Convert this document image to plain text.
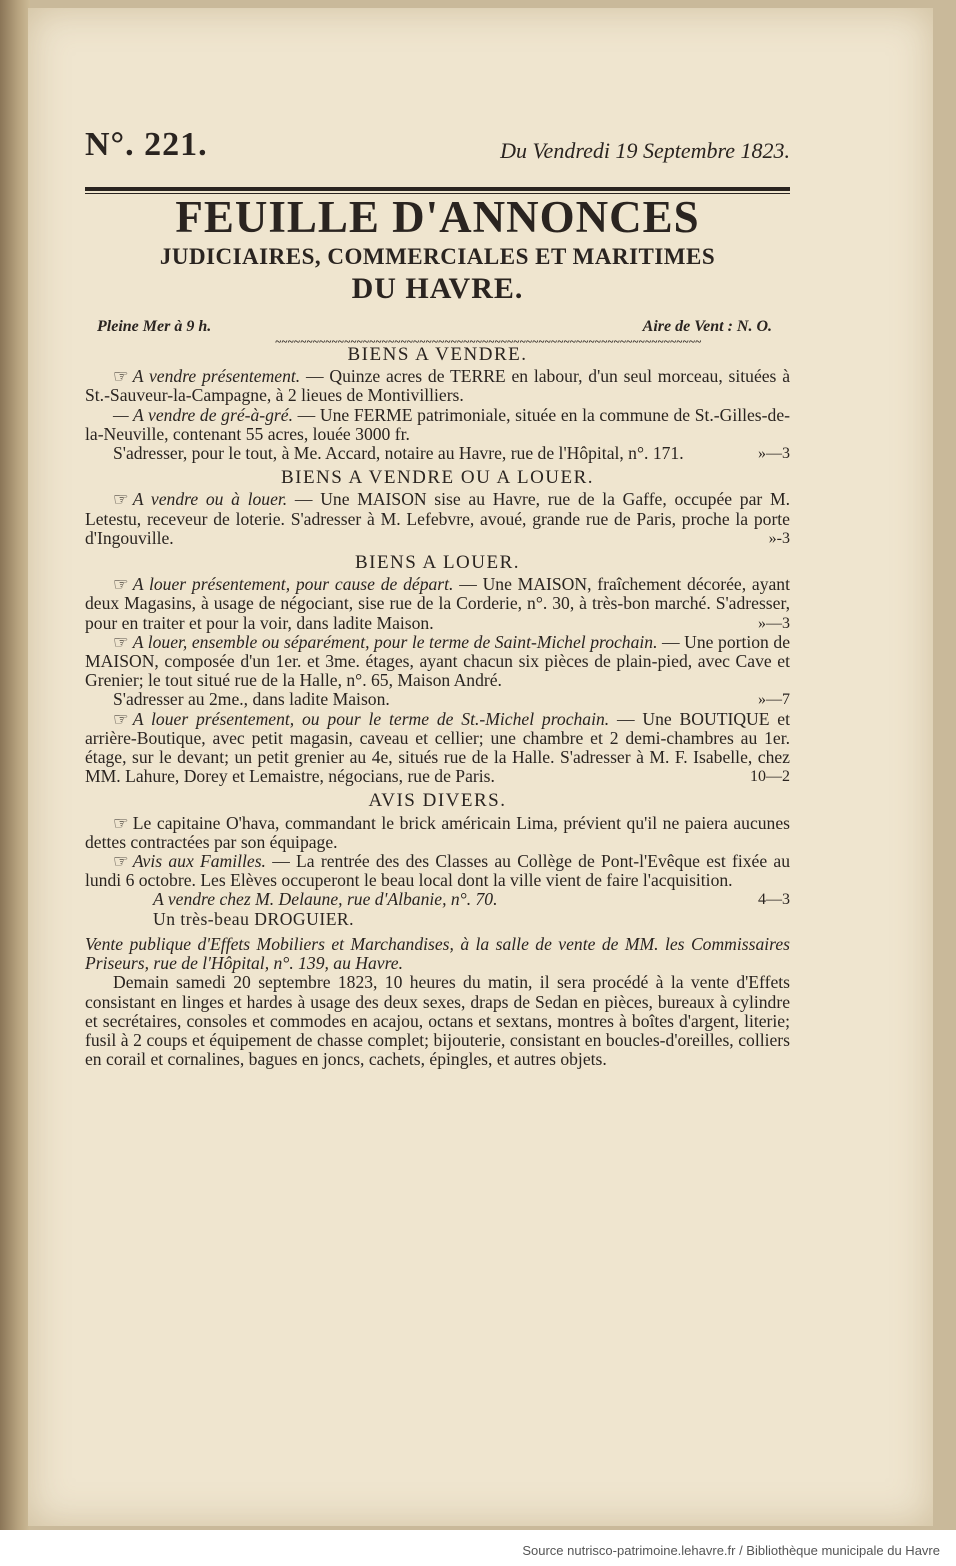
N°. 221.	Du Vendredi 19 Septembre 1823.
FEUILLE D'ANNONCES
JUDICIAIRES, COMMERCIALES ET MARITIMES
DU HAVRE.
Pleine Mer à 9 h.
~~~~~~~~~~~~~~~~~~~~~~~~~~~~~~~~~~~~~~~~~~~~~~~~~~~~~~~~~~~~~~~~~~~~
Aire de Vent : N. O.
BIENS A VENDRE.

☞ A vendre présentement. — Quinze acres de TERRE en labour, d'un seul morceau, situées à St.-Sauveur-la-Campagne, à 2 lieues de Montivilliers.

— A vendre de gré-à-gré. — Une FERME patrimoniale, située en la commune de St.-Gilles-de-la-Neuville, contenant 55 acres, louée 3000 fr.

S'adresser, pour le tout, à Me. Accard, notaire au Havre, rue de l'Hôpital, n°. 171.	»—3

BIENS A VENDRE OU A LOUER.

☞ A vendre ou à louer. — Une MAISON sise au Havre, rue de la Gaffe, occupée par M. Letestu, receveur de loterie. S'adresser à M. Lefebvre, avoué, grande rue de Paris, proche la porte d'Ingouville.	»-3

BIENS A LOUER.

☞ A louer présentement, pour cause de départ. — Une MAISON, fraîchement décorée, ayant deux Magasins, à usage de négociant, sise rue de la Corderie, n°. 30, à très-bon marché. S'adresser, pour en traiter et pour la voir, dans ladite Maison.	»—3

☞ A louer, ensemble ou séparément, pour le terme de Saint-Michel prochain. — Une portion de MAISON, composée d'un 1er. et 3me. étages, ayant chacun six pièces de plain-pied, avec Cave et Grenier; le tout situé rue de la Halle, n°. 65, Maison André.

S'adresser au 2me., dans ladite Maison.	»—7

☞ A louer présentement, ou pour le terme de St.-Michel prochain. — Une BOUTIQUE et arrière-Boutique, avec petit magasin, caveau et cellier; une chambre et 2 demi-chambres au 1er. étage, sur le devant; un petit grenier au 4e, situés rue de la Halle. S'adresser à M. F. Isabelle, chez MM. Lahure, Dorey et Lemaistre, négocians, rue de Paris.	10—2

AVIS DIVERS.

☞ Le capitaine O'hava, commandant le brick américain Lima, prévient qu'il ne paiera aucunes dettes contractées par son équipage.

☞ Avis aux Familles. — La rentrée des des Classes au Collège de Pont-l'Evêque est fixée au lundi 6 octobre. Les Elèves occuperont le beau local dont la ville vient de faire l'acquisition.
4—3

A vendre chez M. Delaune, rue d'Albanie, n°. 70.

Un très-beau DROGUIER.

Vente publique d'Effets Mobiliers et Marchandises, à la salle de vente de MM. les Commissaires Priseurs, rue de l'Hôpital, n°. 139, au Havre.

Demain samedi 20 septembre 1823, 10 heures du matin, il sera procédé à la vente d'Effets consistant en linges et hardes à usage des deux sexes, draps de Sedan en pièces, bureaux à cylindre et secrétaires, consoles et commodes en acajou, octans et sextans, montres à boîtes d'argent, literie; fusil à 2 coups et équipement de chasse complet; bijouterie, consistant en boucles-d'oreilles, colliers en corail et cornalines, bagues en joncs, cachets, épingles, et autres objets.

Source nutrisco-patrimoine.lehavre.fr / Bibliothèque municipale du Havre
